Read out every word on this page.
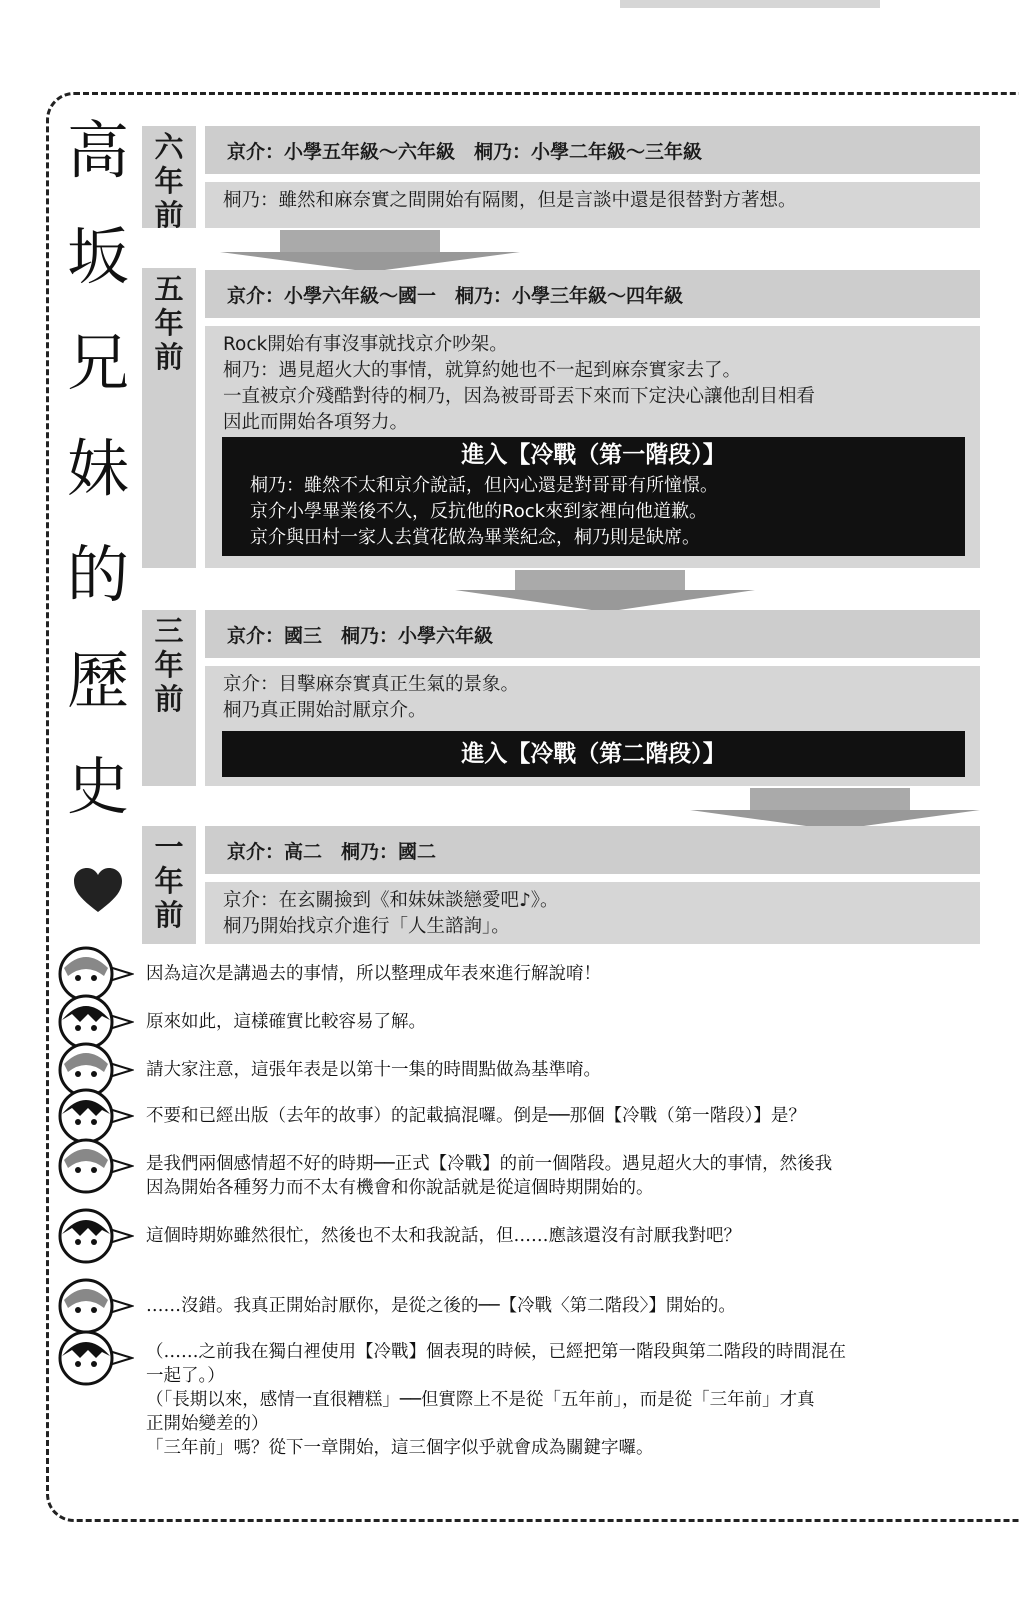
高
坂
兄
妹
的
歷
史
六
年
前
京介：小學五年級～六年級　桐乃：小學二年級～三年級
桐乃：雖然和麻奈實之間開始有隔閡，但是言談中還是很替對方著想。
五
年
前
京介：小學六年級～國一　桐乃：小學三年級～四年級
Rock開始有事沒事就找京介吵架。
桐乃：遇見超火大的事情，就算約她也不一起到麻奈實家去了。
一直被京介殘酷對待的桐乃，因為被哥哥丟下來而下定決心讓他刮目相看
因此而開始各項努力。
進入【冷戰（第一階段）】
桐乃：雖然不太和京介說話，但內心還是對哥哥有所憧憬。
京介小學畢業後不久，反抗他的Rock來到家裡向他道歉。
京介與田村一家人去賞花做為畢業紀念，桐乃則是缺席。
三
年
前
京介：國三　桐乃：小學六年級
京介：目擊麻奈實真正生氣的景象。
桐乃真正開始討厭京介。
進入【冷戰（第二階段）】
一
年
前
京介：高二　桐乃：國二
京介：在玄關撿到《和妹妹談戀愛吧♪》。
桐乃開始找京介進行「人生諮詢」。
因為這次是講過去的事情，所以整理成年表來進行解說唷！
原來如此，這樣確實比較容易了解。
請大家注意，這張年表是以第十一集的時間點做為基準唷。
不要和已經出版（去年的故事）的記載搞混囉。倒是──那個【冷戰（第一階段）】是？
是我們兩個感情超不好的時期──正式【冷戰】的前一個階段。遇見超火大的事情，然後我
因為開始各種努力而不太有機會和你說話就是從這個時期開始的。
這個時期妳雖然很忙，然後也不太和我說話，但……應該還沒有討厭我對吧？
……沒錯。我真正開始討厭你，是從之後的──【冷戰〈第二階段〉】開始的。
（……之前我在獨白裡使用【冷戰】個表現的時候，已經把第一階段與第二階段的時間混在
一起了。）
（「長期以來，感情一直很糟糕」──但實際上不是從「五年前」，而是從「三年前」才真
正開始變差的）
「三年前」嗎？從下一章開始，這三個字似乎就會成為關鍵字囉。
